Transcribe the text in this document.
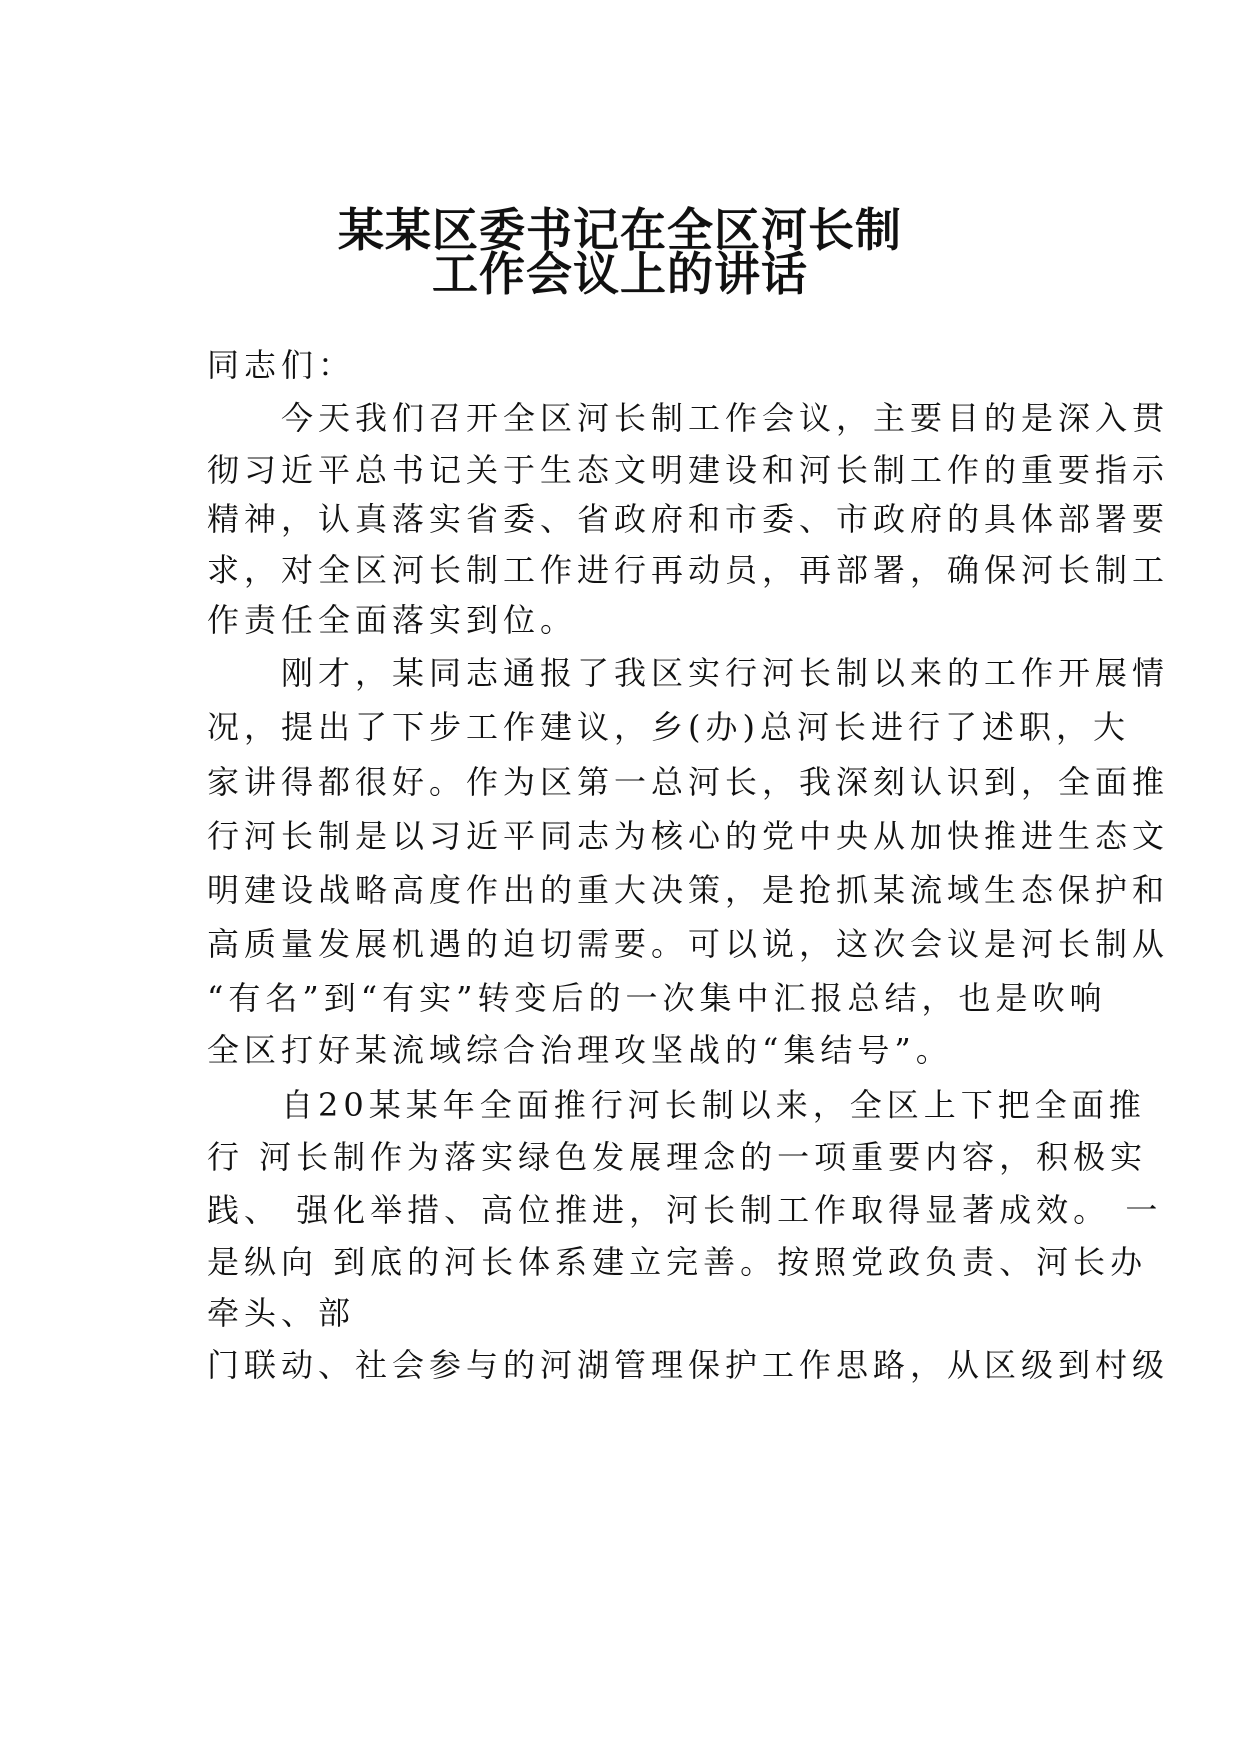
某某区委书记在全区河长制
工作会议上的讲话
同志们：
　　今天我们召开全区河长制工作会议，主要目的是深入贯
彻习近平总书记关于生态文明建设和河长制工作的重要指示
精神，认真落实省委、省政府和市委、市政府的具体部署要
求，对全区河长制工作进行再动员，再部署，确保河长制工
作责任全面落实到位。
　　刚才，某同志通报了我区实行河长制以来的工作开展情
况，提出了下步工作建议，乡(办)总河长进行了述职，大
家讲得都很好。作为区第一总河长，我深刻认识到，全面推
行河长制是以习近平同志为核心的党中央从加快推进生态文
明建设战略高度作出的重大决策，是抢抓某流域生态保护和
高质量发展机遇的迫切需要。可以说，这次会议是河长制从
“有名”到“有实”转变后的一次集中汇报总结，也是吹响
全区打好某流域综合治理攻坚战的“集结号”。
　　自20某某年全面推行河长制以来，全区上下把全面推
行 河长制作为落实绿色发展理念的一项重要内容，积极实
践、 强化举措、高位推进，河长制工作取得显著成效。 一
是纵向 到底的河长体系建立完善。按照党政负责、河长办
牵头、部
门联动、社会参与的河湖管理保护工作思路，从区级到村级
